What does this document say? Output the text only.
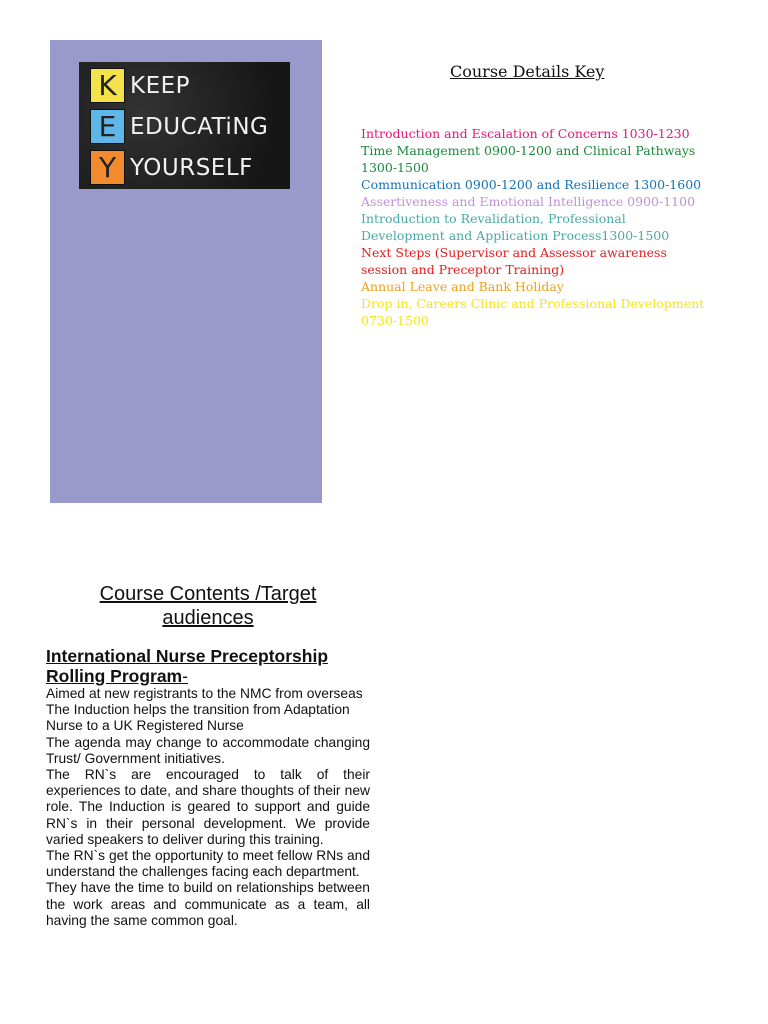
K KEEP
E EDUCATiNG
Y YOURSELF
Course Details Key

Introduction and Escalation of Concerns 1030-1230

Time Management 0900-1200 and Clinical Pathways 1300-1500

Communication 0900-1200 and Resilience 1300-1600

Assertiveness and Emotional Intelligence 0900-1100

Introduction to Revalidation, Professional Development and Application Process1300-1500

Next Steps (Supervisor and Assessor awareness session and Preceptor Training)

Annual Leave and Bank Holiday

Drop in, Careers Clinic and Professional Development 0730-1500

Course Contents /Target audiences
International Nurse Preceptorship Rolling Program-

Aimed at new registrants to the NMC from overseas

The Induction helps the transition from Adaptation Nurse to a UK Registered Nurse

The agenda may change to accommodate changing Trust/ Government initiatives.

The RN`s are encouraged to talk of their experiences to date, and share thoughts of their new role. The Induction is geared to support and guide RN`s in their personal development. We provide varied speakers to deliver during this training.

The RN`s get the opportunity to meet fellow RNs and understand the challenges facing each department.

They have the time to build on relationships between the work areas and communicate as a team, all having the same common goal.
